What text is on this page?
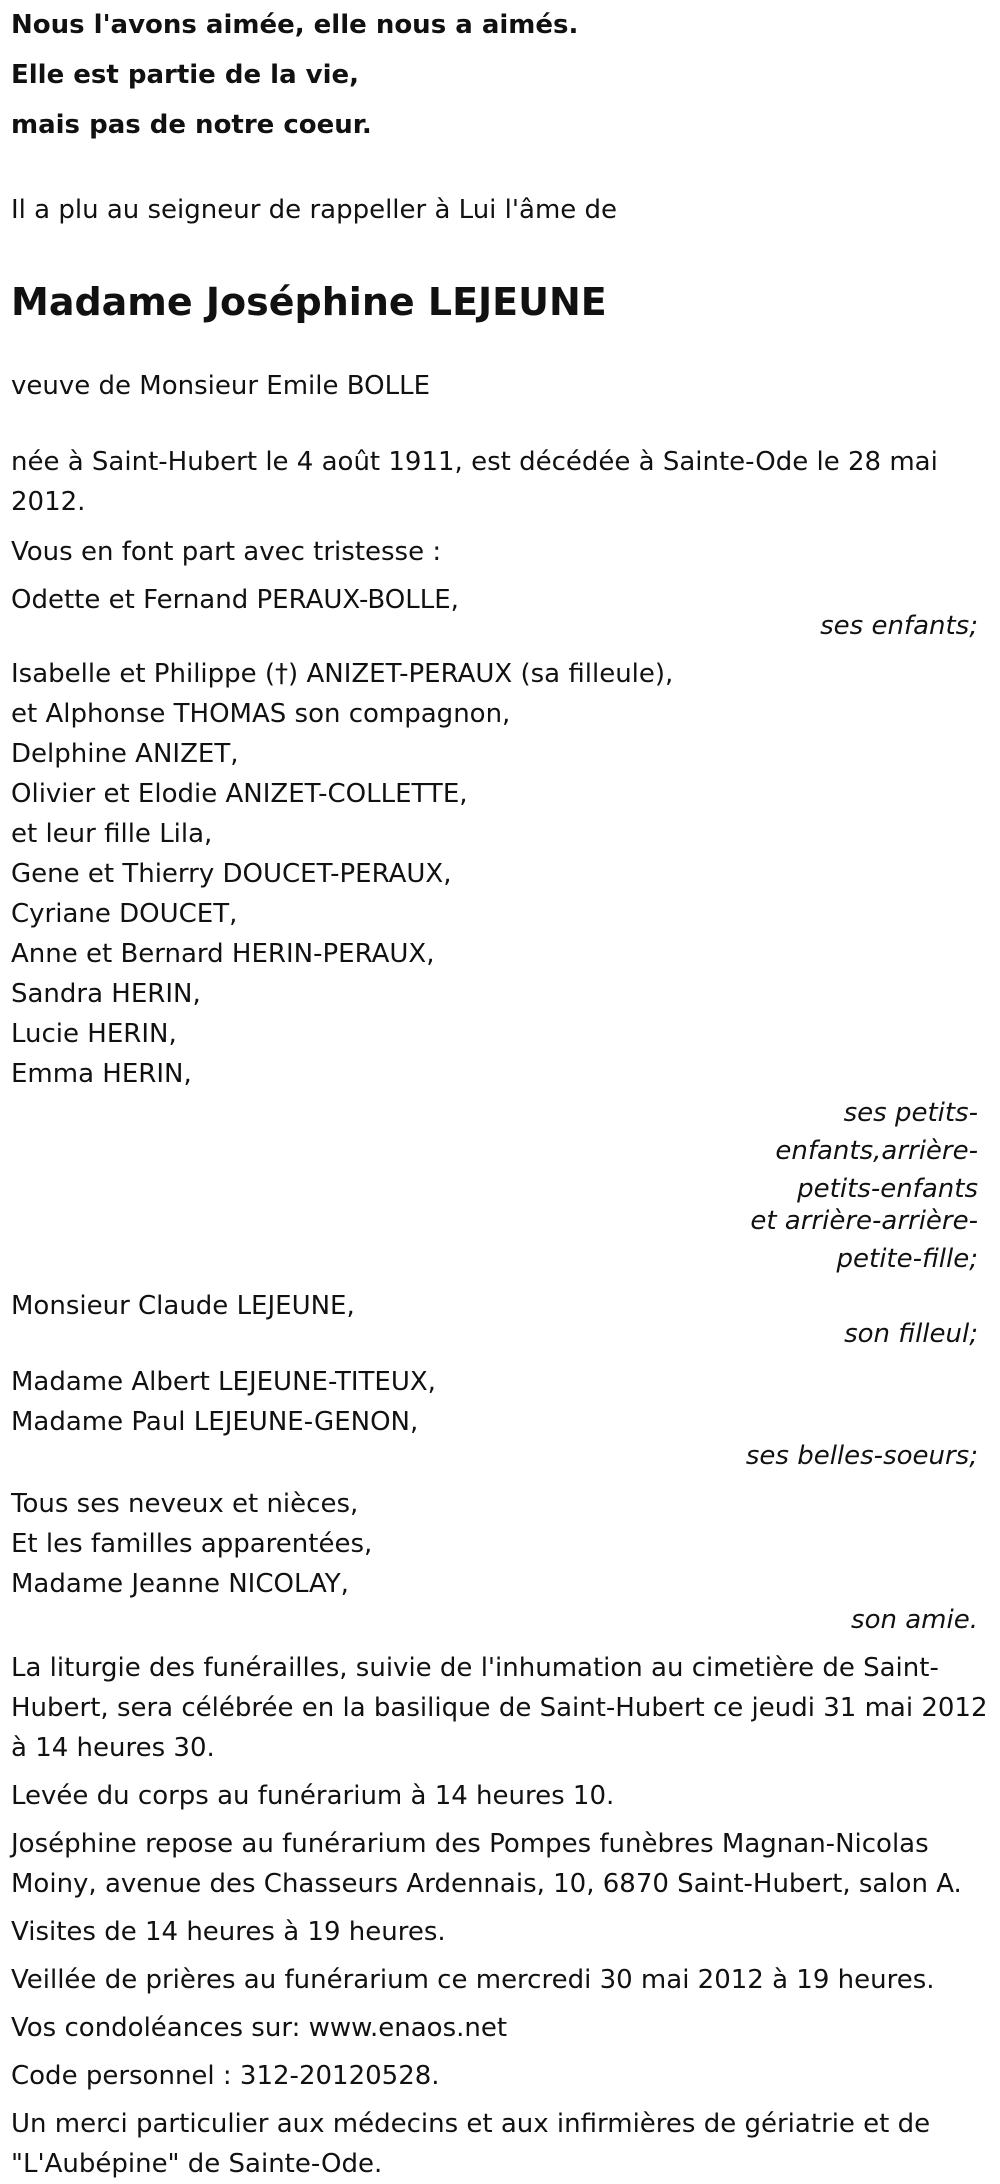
Nous l'avons aimée, elle nous a aimés.

Elle est partie de la vie,

mais pas de notre coeur.

Il a plu au seigneur de rappeller à Lui l'âme de

Madame Joséphine LEJEUNE

veuve de Monsieur Emile BOLLE

née à Saint-Hubert le 4 août 1911, est décédée à Sainte-Ode le 28 mai 2012.

Vous en font part avec tristesse :

Odette et Fernand PERAUX-BOLLE,

ses enfants;

Isabelle et Philippe (†) ANIZET-PERAUX (sa filleule),

et Alphonse THOMAS son compagnon,

Delphine ANIZET,

Olivier et Elodie ANIZET-COLLETTE,

et leur fille Lila,

Gene et Thierry DOUCET-PERAUX,

Cyriane DOUCET,

Anne et Bernard HERIN-PERAUX,

Sandra HERIN,

Lucie HERIN,

Emma HERIN,

ses petits-enfants,arrière-petits-enfants
et arrière-arrière-petite-fille;

Monsieur Claude LEJEUNE,

son filleul;

Madame Albert LEJEUNE-TITEUX,

Madame Paul LEJEUNE-GENON,

ses belles-soeurs;

Tous ses neveux et nièces,

Et les familles apparentées,

Madame Jeanne NICOLAY,

son amie.

La liturgie des funérailles, suivie de l'inhumation au cimetière de Saint-Hubert, sera célébrée en la basilique de Saint-Hubert ce jeudi 31 mai 2012 à 14 heures 30.

Levée du corps au funérarium à 14 heures 10.

Joséphine repose au funérarium des Pompes funèbres Magnan-Nicolas Moiny, avenue des Chasseurs Ardennais, 10, 6870 Saint-Hubert, salon A.

Visites de 14 heures à 19 heures.

Veillée de prières au funérarium ce mercredi 30 mai 2012 à 19 heures.

Vos condoléances sur: www.enaos.net

Code personnel : 312-20120528.

Un merci particulier aux médecins et aux infirmières de gériatrie et de "L'Aubépine" de Sainte-Ode.
